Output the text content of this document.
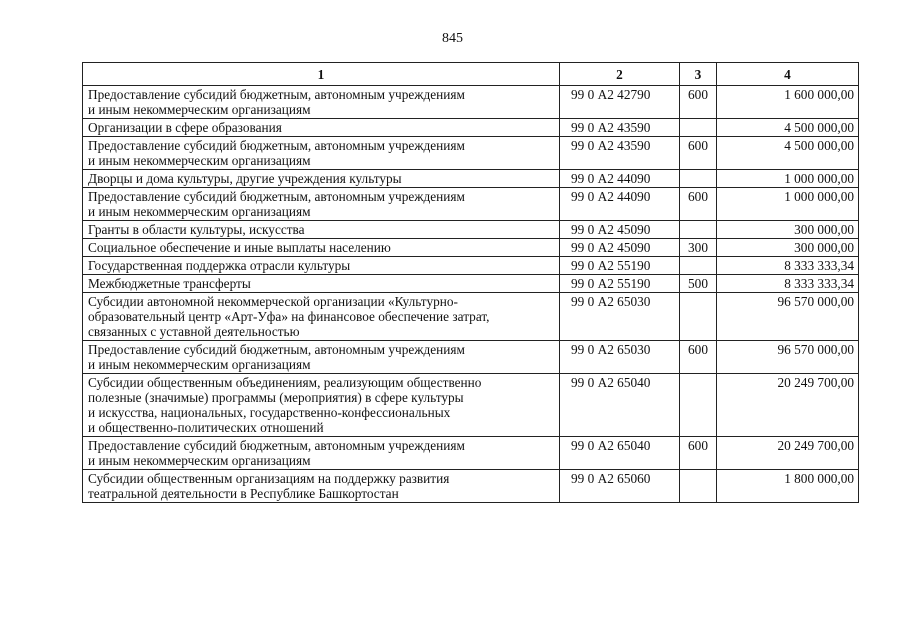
845
1	2	3	4
Предоставление субсидий бюджетным, автономным учреждениям
и иным некоммерческим организациям	99 0 А2 42790	600	1 600 000,00
Организации в сфере образования	99 0 А2 43590		4 500 000,00
Предоставление субсидий бюджетным, автономным учреждениям
и иным некоммерческим организациям	99 0 А2 43590	600	4 500 000,00
Дворцы и дома культуры, другие учреждения культуры	99 0 А2 44090		1 000 000,00
Предоставление субсидий бюджетным, автономным учреждениям
и иным некоммерческим организациям	99 0 А2 44090	600	1 000 000,00
Гранты в области культуры, искусства	99 0 А2 45090		300 000,00
Социальное обеспечение и иные выплаты населению	99 0 А2 45090	300	300 000,00
Государственная поддержка отрасли культуры	99 0 А2 55190		8 333 333,34
Межбюджетные трансферты	99 0 А2 55190	500	8 333 333,34
Субсидии автономной некоммерческой организации «Культурно-
образовательный центр «Арт-Уфа» на финансовое обеспечение затрат,
связанных с уставной деятельностью	99 0 А2 65030		96 570 000,00
Предоставление субсидий бюджетным, автономным учреждениям
и иным некоммерческим организациям	99 0 А2 65030	600	96 570 000,00
Субсидии общественным объединениям, реализующим общественно
полезные (значимые) программы (мероприятия) в сфере культуры
и искусства, национальных, государственно-конфессиональных
и общественно-политических отношений	99 0 А2 65040		20 249 700,00
Предоставление субсидий бюджетным, автономным учреждениям
и иным некоммерческим организациям	99 0 А2 65040	600	20 249 700,00
Субсидии общественным организациям на поддержку развития
театральной деятельности в Республике Башкортостан	99 0 А2 65060		1 800 000,00
